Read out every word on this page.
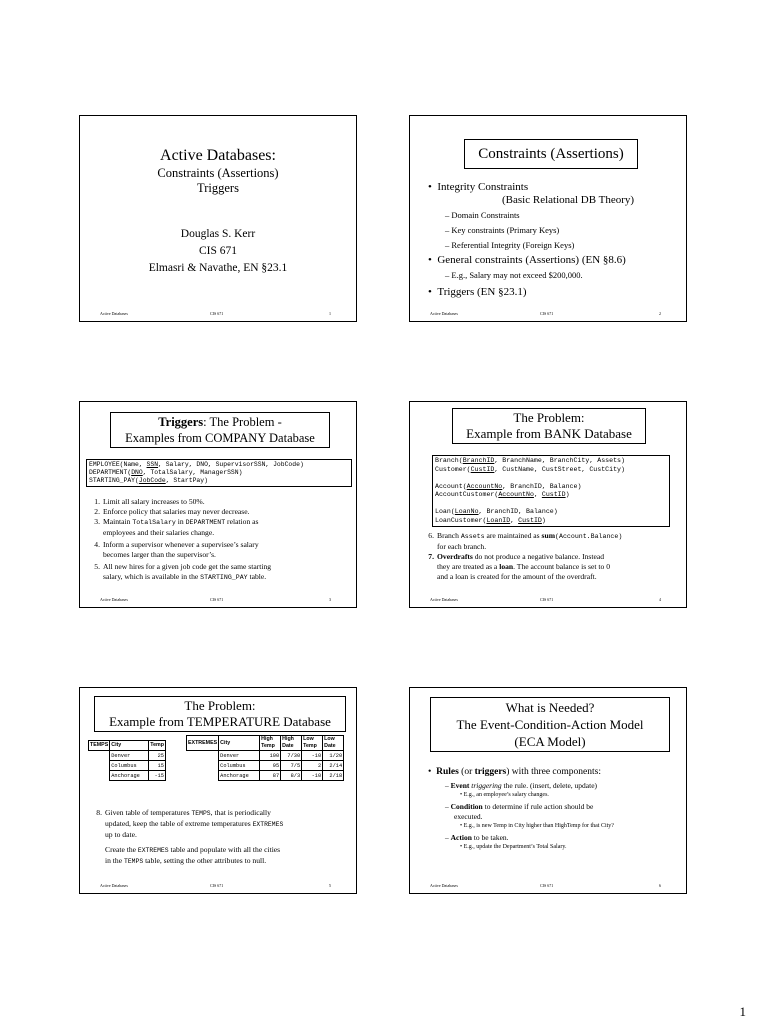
Active Databases:
Constraints (Assertions)
Triggers
Douglas S. Kerr
CIS 671
Elmasri & Navathe, EN §23.1
Active Databases	CIS 671	1
Constraints (Assertions)
•  Integrity Constraints
(Basic Relational DB Theory)
– Domain Constraints
– Key constraints (Primary Keys)
– Referential Integrity (Foreign Keys)
•  General constraints (Assertions) (EN §8.6)
– E.g., Salary may not exceed $200,000.
•  Triggers (EN §23.1)
Active Databases	CIS 671	2
Triggers: The Problem -
Examples from COMPANY Database
EMPLOYEE(Name, SSN, Salary, DNO, SupervisorSSN, JobCode)
DEPARTMENT(DNO, TotalSalary, ManagerSSN)
STARTING_PAY(JobCode, StartPay)
1. Limit all salary increases to 50%.
2. Enforce policy that salaries may never decrease.
3. Maintain TotalSalary in DEPARTMENT relation as
employees and their salaries change.
4. Inform a supervisor whenever a supervisee’s salary
becomes larger than the supervisor’s.
5. All new hires for a given job code get the same starting
salary, which is available in the STARTING_PAY table.
Active Databases	CIS 671	3
The Problem:
Example from BANK Database
Branch(BranchID, BranchName, BranchCity, Assets)
Customer(CustID, CustName, CustStreet, CustCity)

Account(AccountNo, BranchID, Balance)
AccountCustomer(AccountNo, CustID)

Loan(LoanNo, BranchID, Balance)
LoanCustomer(LoanID, CustID)
6. Branch Assets are maintained as sum(Account.Balance)
for each branch.
7. Overdrafts do not produce a negative balance. Instead
they are treated as a loan. The account balance is set to 0
and a loan is created for the amount of the overdraft.
Active Databases	CIS 671	4
The Problem:
Example from TEMPERATURE Database
TEMPS	City	Temp
	Denver	25
	Columbus	15
	Anchorage	-15
EXTREMES	City	High Temp	High Date	Low Temp	Low Date
	Denver	100	7/30	-10	1/20
	Columbus	95	7/5	2	2/14
	Anchorage	87	8/3	-10	2/18
8. Given table of temperatures TEMPS, that is periodically
updated, keep the table of extreme temperatures EXTREMES
up to date.
Create the EXTREMES table and populate with all the cities
in the TEMPS table, setting the other attributes to null.
Active Databases	CIS 671	5
What is Needed?
The Event-Condition-Action Model
(ECA Model)
•  Rules (or triggers) with three components:
– Event triggering the rule. (insert, delete, update)
• E.g., an employee’s salary changes.
– Condition to determine if rule action should be
executed.
• E.g., is new Temp in City higher than HighTemp for that City?
– Action to be taken.
• E.g., update the Department’s Total Salary.
Active Databases	CIS 671	6
1
